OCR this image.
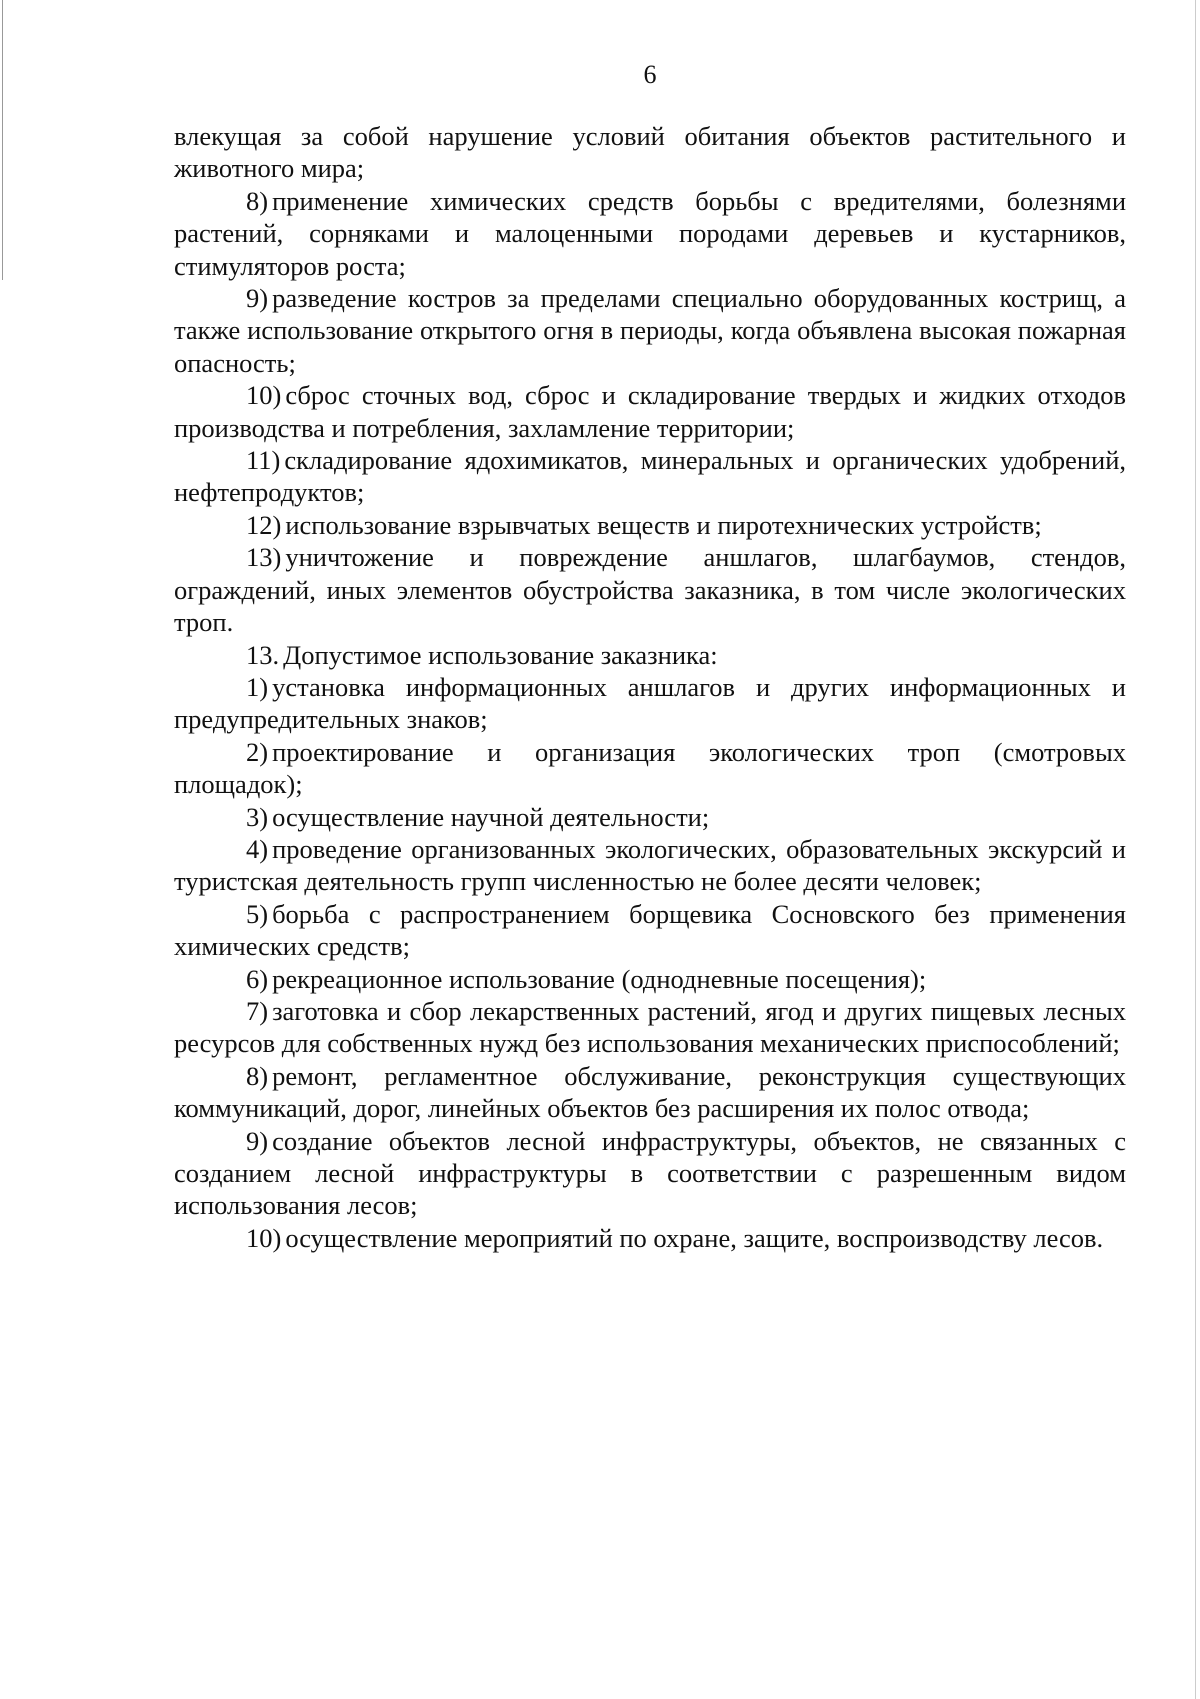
6

влекущая за собой нарушение условий обитания объектов растительного и животного мира;

8) применение химических средств борьбы с вредителями, болезнями растений, сорняками и малоценными породами деревьев и кустарников, стимуляторов роста;

9) разведение костров за пределами специально оборудованных кострищ, а также использование открытого огня в периоды, когда объявлена высокая пожарная опасность;

10) сброс сточных вод, сброс и складирование твердых и жидких отходов производства и потребления, захламление территории;

11) складирование ядохимикатов, минеральных и органических удобрений, нефтепродуктов;

12) использование взрывчатых веществ и пиротехнических устройств;

13) уничтожение и повреждение аншлагов, шлагбаумов, стендов, ограждений, иных элементов обустройства заказника, в том числе экологических троп.

13. Допустимое использование заказника:

1) установка информационных аншлагов и других информационных и предупредительных знаков;

2) проектирование и организация экологических троп (смотровых площадок);

3) осуществление научной деятельности;

4) проведение организованных экологических, образовательных экскурсий и туристская деятельность групп численностью не более десяти человек;

5) борьба с распространением борщевика Сосновского без применения химических средств;

6) рекреационное использование (однодневные посещения);

7) заготовка и сбор лекарственных растений, ягод и других пищевых лесных ресурсов для собственных нужд без использования механических приспособлений;

8) ремонт, регламентное обслуживание, реконструкция существующих коммуникаций, дорог, линейных объектов без расширения их полос отвода;

9) создание объектов лесной инфраструктуры, объектов, не связанных с созданием лесной инфраструктуры в соответствии с разрешенным видом использования лесов;

10) осуществление мероприятий по охране, защите, воспроизводству лесов.
